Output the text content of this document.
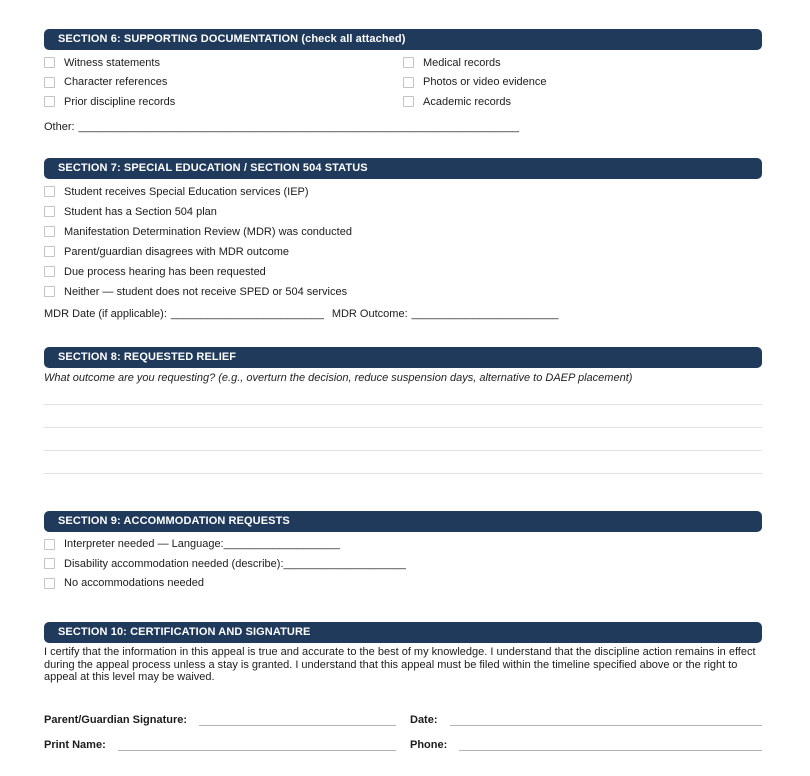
SECTION 6: SUPPORTING DOCUMENTATION (check all attached)
Witness statements
Character references
Prior discipline records
Medical records
Photos or video evidence
Academic records
Other: ________________________________________________________________________
SECTION 7: SPECIAL EDUCATION / SECTION 504 STATUS
Student receives Special Education services (IEP)
Student has a Section 504 plan
Manifestation Determination Review (MDR) was conducted
Parent/guardian disagrees with MDR outcome
Due process hearing has been requested
Neither — student does not receive SPED or 504 services
MDR Date (if applicable): _________________________ MDR Outcome: ________________________
SECTION 8: REQUESTED RELIEF
What outcome are you requesting? (e.g., overturn the decision, reduce suspension days, alternative to DAEP placement)
SECTION 9: ACCOMMODATION REQUESTS
Interpreter needed — Language: ___________________
Disability accommodation needed (describe): ____________________
No accommodations needed
SECTION 10: CERTIFICATION AND SIGNATURE
I certify that the information in this appeal is true and accurate to the best of my knowledge. I understand that the discipline action remains in effect during the appeal process unless a stay is granted. I understand that this appeal must be filed within the timeline specified above or the right to appeal at this level may be waived.
Parent/Guardian Signature:	Date:
Print Name:	Phone:
